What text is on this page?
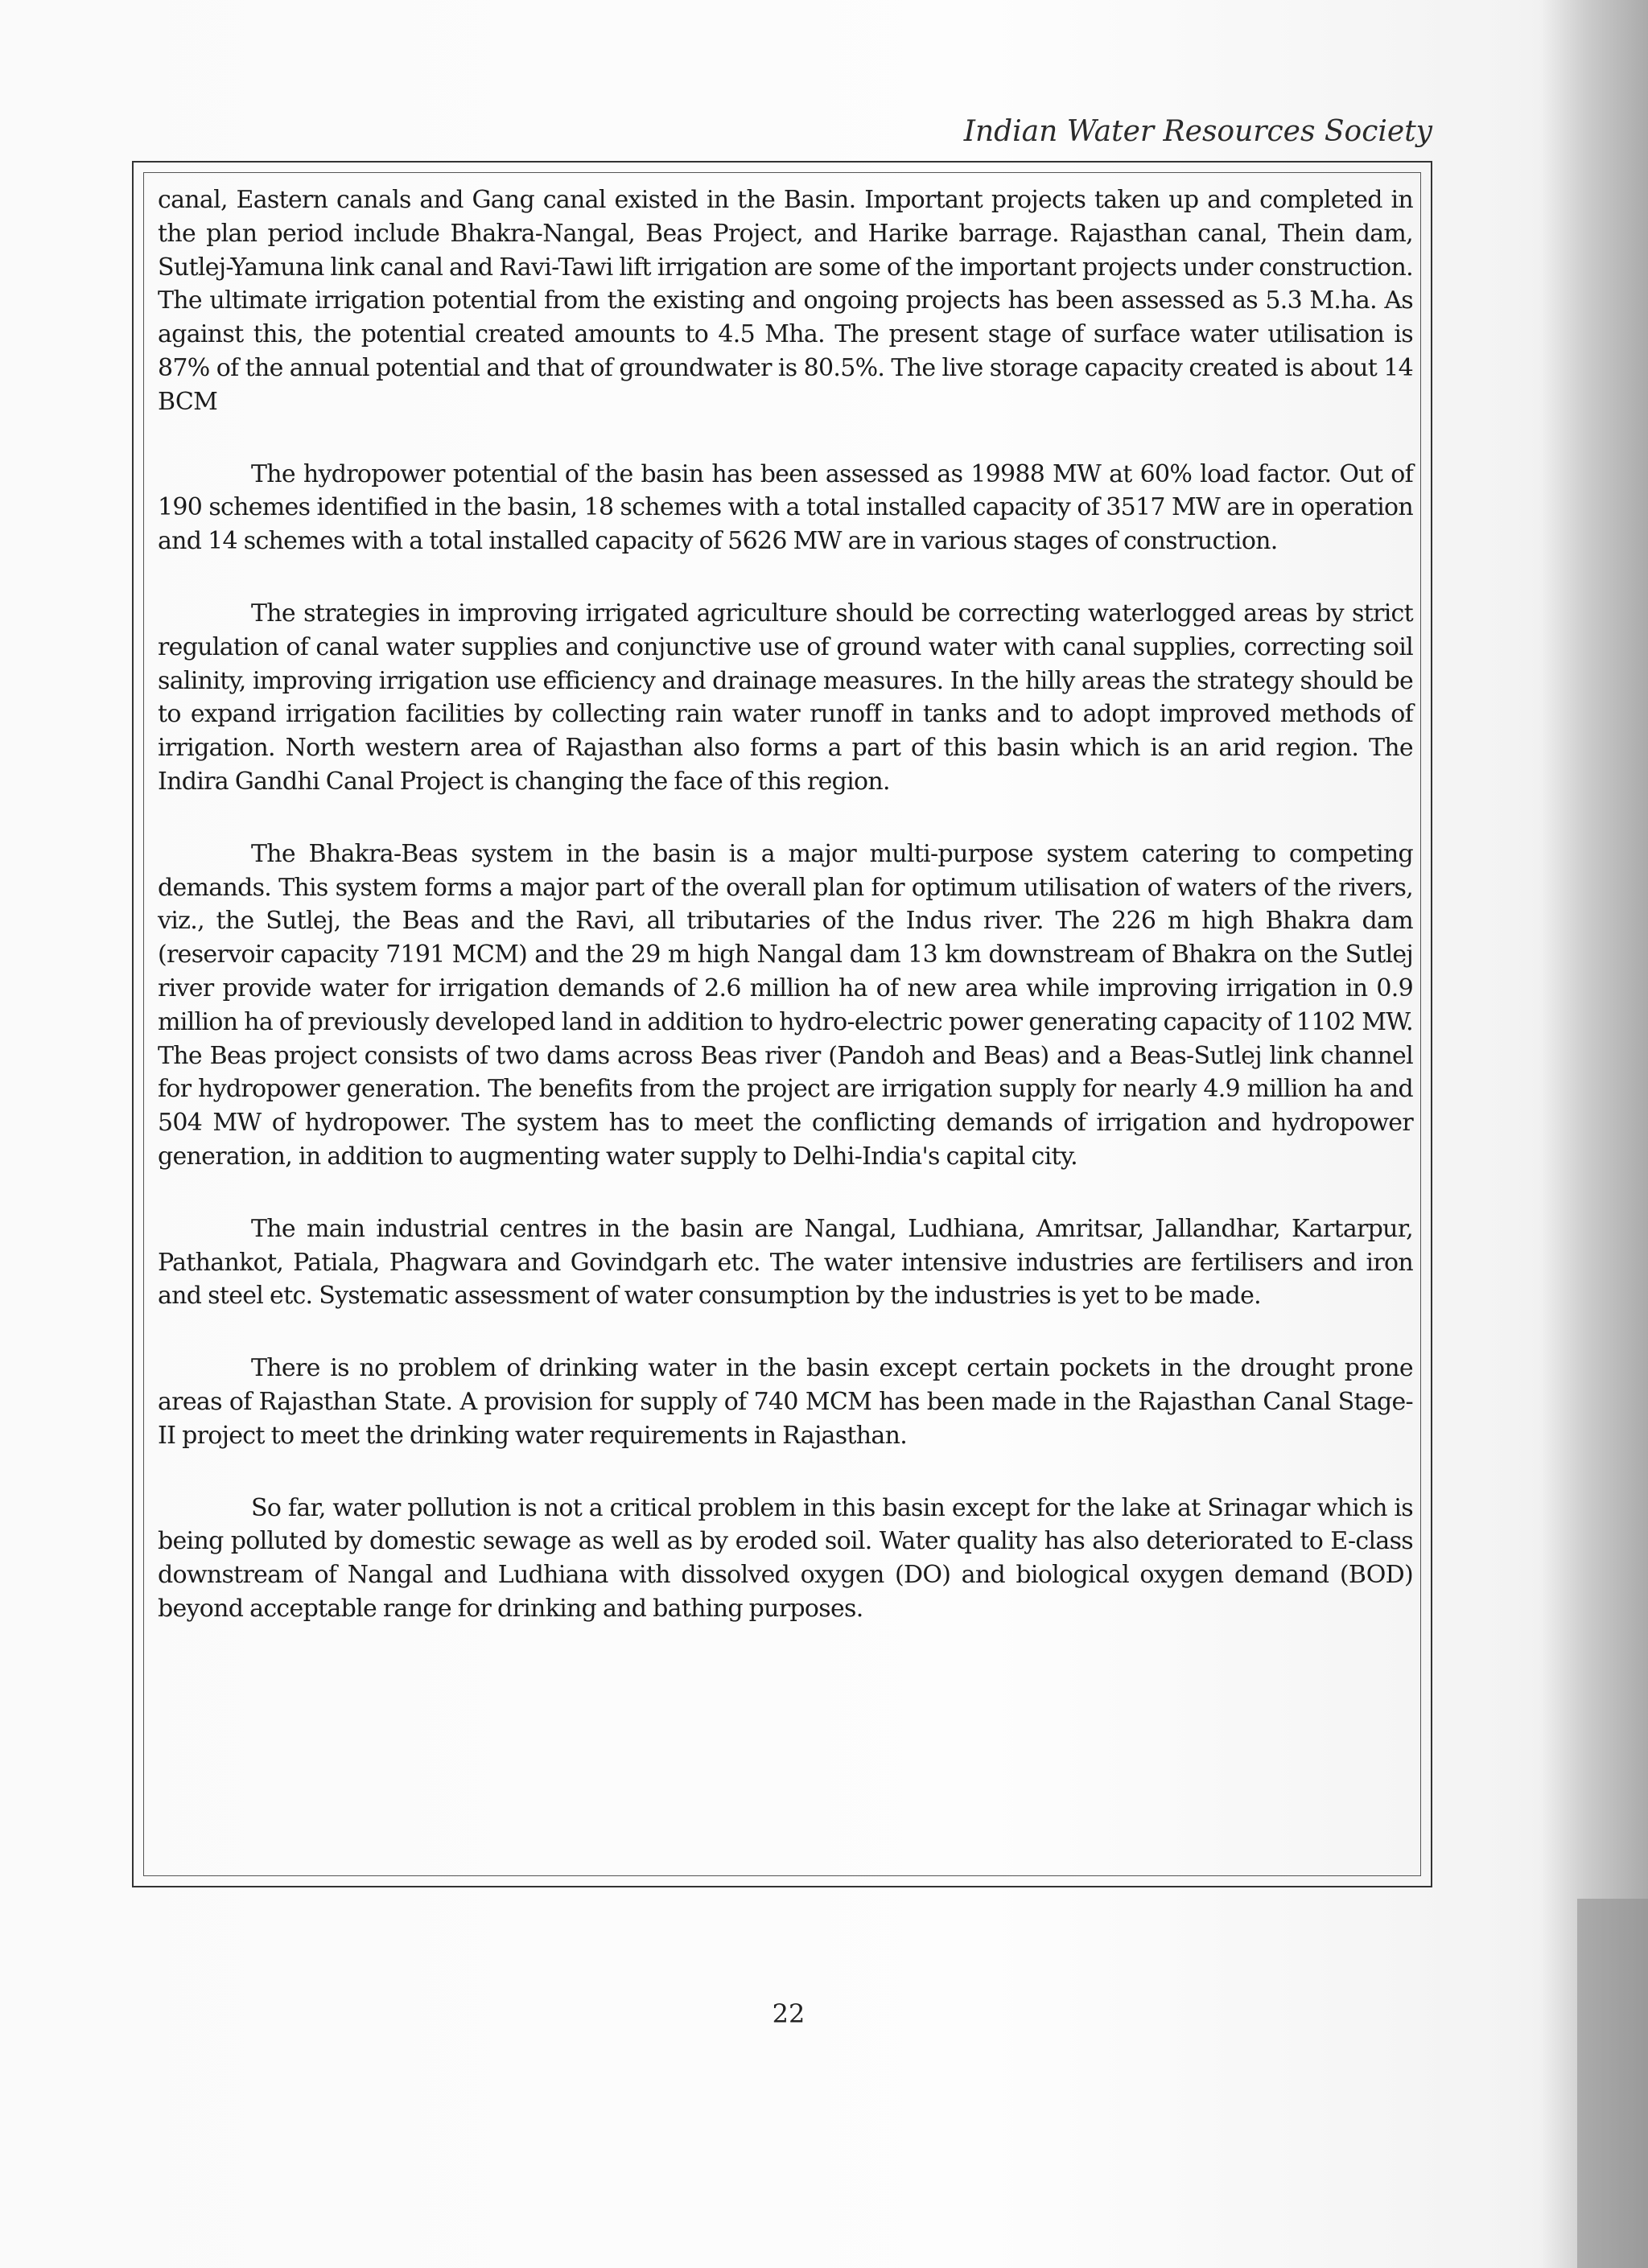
Indian Water Resources Society

canal, Eastern canals and Gang canal existed in the Basin. Important projects taken up and completed in the plan period include Bhakra-Nangal, Beas Project, and Harike barrage. Rajasthan canal, Thein dam, Sutlej-Yamuna link canal and Ravi-Tawi lift irrigation are some of the important projects under construction. The ultimate irrigation potential from the existing and ongoing projects has been assessed as 5.3 M.ha. As against this, the potential created amounts to 4.5 Mha. The present stage of surface water utilisation is 87% of the annual potential and that of groundwater is 80.5%. The live storage capacity created is about 14 BCM

The hydropower potential of the basin has been assessed as 19988 MW at 60% load factor. Out of 190 schemes identified in the basin, 18 schemes with a total installed capacity of 3517 MW are in operation and 14 schemes with a total installed capacity of 5626 MW are in various stages of construction.

The strategies in improving irrigated agriculture should be correcting waterlogged areas by strict regulation of canal water supplies and conjunctive use of ground water with canal supplies, correcting soil salinity, improving irrigation use efficiency and drainage measures. In the hilly areas the strategy should be to expand irrigation facilities by collecting rain water runoff in tanks and to adopt improved methods of irrigation. North western area of Rajasthan also forms a part of this basin which is an arid region. The Indira Gandhi Canal Project is changing the face of this region.

The Bhakra-Beas system in the basin is a major multi-purpose system catering to competing demands. This system forms a major part of the overall plan for optimum utilisation of waters of the rivers, viz., the Sutlej, the Beas and the Ravi, all tributaries of the Indus river. The 226 m high Bhakra dam (reservoir capacity 7191 MCM) and the 29 m high Nangal dam 13 km downstream of Bhakra on the Sutlej river provide water for irrigation demands of 2.6 million ha of new area while improving irrigation in 0.9 million ha of previously developed land in addition to hydro-electric power generating capacity of 1102 MW. The Beas project consists of two dams across Beas river (Pandoh and Beas) and a Beas-Sutlej link channel for hydropower generation. The benefits from the project are irrigation supply for nearly 4.9 million ha and 504 MW of hydropower. The system has to meet the conflicting demands of irrigation and hydropower generation, in addition to augmenting water supply to Delhi-India's capital city.

The main industrial centres in the basin are Nangal, Ludhiana, Amritsar, Jallandhar, Kartarpur, Pathankot, Patiala, Phagwara and Govindgarh etc. The water intensive industries are fertilisers and iron and steel etc. Systematic assessment of water consumption by the industries is yet to be made.

There is no problem of drinking water in the basin except certain pockets in the drought prone areas of Rajasthan State. A provision for supply of 740 MCM has been made in the Rajasthan Canal Stage-II project to meet the drinking water requirements in Rajasthan.

So far, water pollution is not a critical problem in this basin except for the lake at Srinagar which is being polluted by domestic sewage as well as by eroded soil. Water quality has also deteriorated to E-class downstream of Nangal and Ludhiana with dissolved oxygen (DO) and biological oxygen demand (BOD) beyond acceptable range for drinking and bathing purposes.

22
